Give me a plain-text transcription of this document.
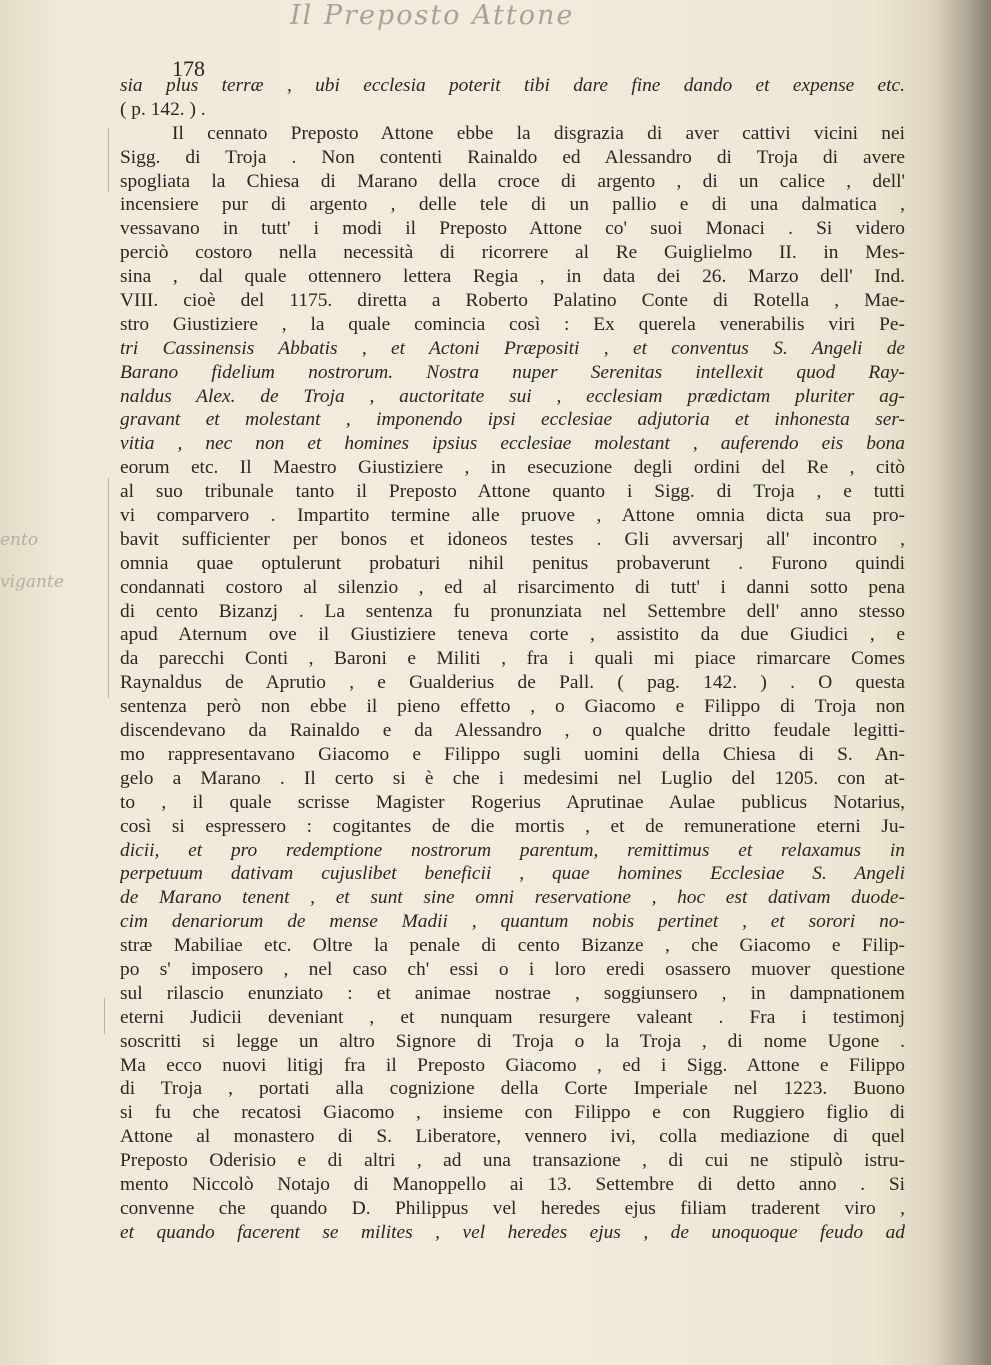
Il Preposto Attone
178
ento
vigante
sia plus terræ , ubi ecclesia poterit tibi dare fine dando et expense etc.
( p. 142. ) .
Il cennato Preposto Attone ebbe la disgrazia di aver cattivi vicini nei
Sigg. di Troja . Non contenti Rainaldo ed Alessandro di Troja di avere
spogliata la Chiesa di Marano della croce di argento , di un calice , dell'
incensiere pur di argento , delle tele di un pallio e di una dalmatica ,
vessavano in tutt' i modi il Preposto Attone co' suoi Monaci . Si videro
perciò costoro nella necessità di ricorrere al Re Guiglielmo II. in Mes-
sina , dal quale ottennero lettera Regia , in data dei 26. Marzo dell' Ind.
VIII. cioè del 1175. diretta a Roberto Palatino Conte di Rotella , Mae-
stro Giustiziere , la quale comincia così : Ex querela venerabilis viri Pe-
tri Cassinensis Abbatis , et Actoni Præpositi , et conventus S. Angeli de
Barano fidelium nostrorum. Nostra nuper Serenitas intellexit quod Ray-
naldus Alex. de Troja , auctoritate sui , ecclesiam prædictam pluriter ag-
gravant et molestant , imponendo ipsi ecclesiae adjutoria et inhonesta ser-
vitia , nec non et homines ipsius ecclesiae molestant , auferendo eis bona
eorum etc. Il Maestro Giustiziere , in esecuzione degli ordini del Re , citò
al suo tribunale tanto il Preposto Attone quanto i Sigg. di Troja , e tutti
vi comparvero . Impartito termine alle pruove , Attone omnia dicta sua pro-
bavit sufficienter per bonos et idoneos testes . Gli avversarj all' incontro ,
omnia quae optulerunt probaturi nihil penitus probaverunt . Furono quindi
condannati costoro al silenzio , ed al risarcimento di tutt' i danni sotto pena
di cento Bizanzj . La sentenza fu pronunziata nel Settembre dell' anno stesso
apud Aternum ove il Giustiziere teneva corte , assistito da due Giudici , e
da parecchi Conti , Baroni e Militi , fra i quali mi piace rimarcare Comes
Raynaldus de Aprutio , e Gualderius de Pall. ( pag. 142. ) . O questa
sentenza però non ebbe il pieno effetto , o Giacomo e Filippo di Troja non
discendevano da Rainaldo e da Alessandro , o qualche dritto feudale legitti-
mo rappresentavano Giacomo e Filippo sugli uomini della Chiesa di S. An-
gelo a Marano . Il certo si è che i medesimi nel Luglio del 1205. con at-
to , il quale scrisse Magister Rogerius Aprutinae Aulae publicus Notarius,
così si espressero : cogitantes de die mortis , et de remuneratione eterni Ju-
dicii, et pro redemptione nostrorum parentum, remittimus et relaxamus in
perpetuum dativam cujuslibet beneficii , quae homines Ecclesiae S. Angeli
de Marano tenent , et sunt sine omni reservatione , hoc est dativam duode-
cim denariorum de mense Madii , quantum nobis pertinet , et sorori no-
stræ Mabiliae etc. Oltre la penale di cento Bizanze , che Giacomo e Filip-
po s' imposero , nel caso ch' essi o i loro eredi osassero muover questione
sul rilascio enunziato : et animae nostrae , soggiunsero , in dampnationem
eterni Judicii deveniant , et nunquam resurgere valeant . Fra i testimonj
soscritti si legge un altro Signore di Troja o la Troja , di nome Ugone .
Ma ecco nuovi litigj fra il Preposto Giacomo , ed i Sigg. Attone e Filippo
di Troja , portati alla cognizione della Corte Imperiale nel 1223. Buono
si fu che recatosi Giacomo , insieme con Filippo e con Ruggiero figlio di
Attone al monastero di S. Liberatore, vennero ivi, colla mediazione di quel
Preposto Oderisio e di altri , ad una transazione , di cui ne stipulò istru-
mento Niccolò Notajo di Manoppello ai 13. Settembre di detto anno . Si
convenne che quando D. Philippus vel heredes ejus filiam traderent viro ,
et quando facerent se milites , vel heredes ejus , de unoquoque feudo ad
